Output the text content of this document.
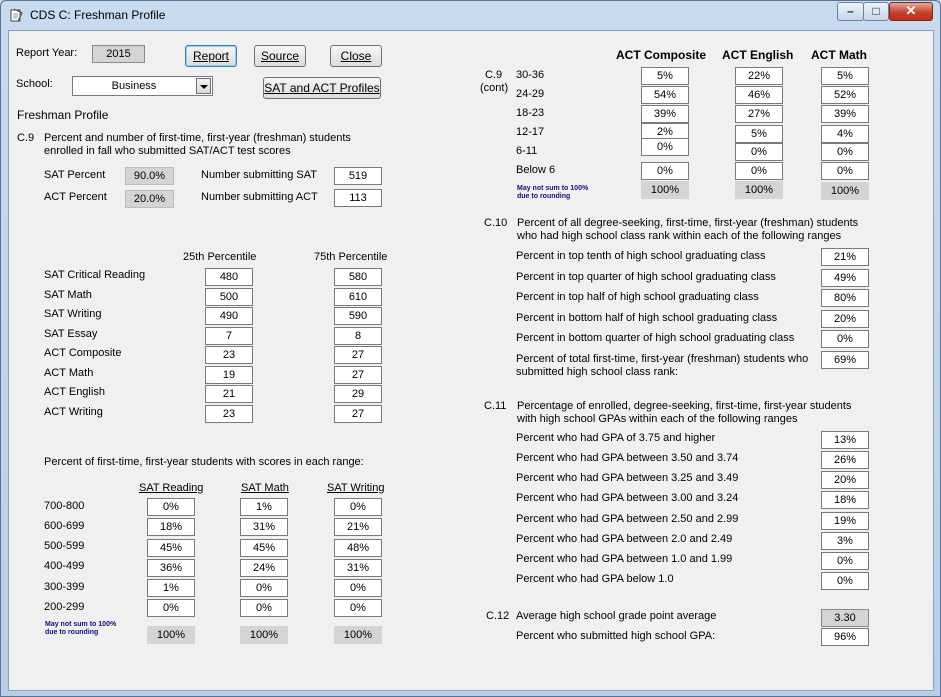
CDS C: Freshman Profile	–	□	✕
Report Year:	2015	Report	Source	Close
School:	Business	SAT and ACT Profiles
Freshman Profile
C.9 Percent and number of first-time, first-year (freshman) students
enrolled in fall who submitted SAT/ACT test scores
SAT Percent	90.0%
ACT Percent	20.0%
Number submitting SAT	519
Number submitting ACT	113
25th Percentile	75th Percentile
SAT Critical Reading	480	580
SAT Math	500	610
SAT Writing	490	590
SAT Essay	7	8
ACT Composite	23	27
ACT Math	19	27
ACT English	21	29
ACT Writing	23	27
Percent of first-time, first-year students with scores in each range:
SAT Reading	SAT Math	SAT Writing
700-800	0%	1%	0%
600-699	18%	31%	21%
500-599	45%	45%	48%
400-499	36%	24%	31%
300-399	1%	0%	0%
200-299	0%	0%	0%
May not sum to 100%
due to rounding	100%	100%	100%
ACT Composite ACT English ACT Math
C.9
(cont)
30-36	5%	22%	5%
24-29	54%	46%	52%
18-23	39%	27%	39%
12-17	2%	5%	4%
6-11	0%	0%	0%
Below 6	0%	0%	0%
May not sum to 100%
due to rounding
100%	100%	100%
C.10 Percent of all degree-seeking, first-time, first-year (freshman) students
who had high school class rank within each of the following ranges
Percent in top tenth of high school graduating class	21%
Percent in top quarter of high school graduating class	49%
Percent in top half of high school graduating class	80%
Percent in bottom half of high school graduating class	20%
Percent in bottom quarter of high school graduating class	0%
Percent of total first-time, first-year (freshman) students who
submitted high school class rank:
69%
C.11 Percentage of enrolled, degree-seeking, first-time, first-year students
with high school GPAs within each of the following ranges
Percent who had GPA of 3.75 and higher	13%
Percent who had GPA between 3.50 and 3.74	26%
Percent who had GPA between 3.25 and 3.49	20%
Percent who had GPA between 3.00 and 3.24	18%
Percent who had GPA between 2.50 and 2.99	19%
Percent who had GPA between 2.0 and 2.49	3%
Percent who had GPA between 1.0 and 1.99	0%
Percent who had GPA below 1.0	0%
C.12 Average high school grade point average	3.30
Percent who submitted high school GPA:	96%
